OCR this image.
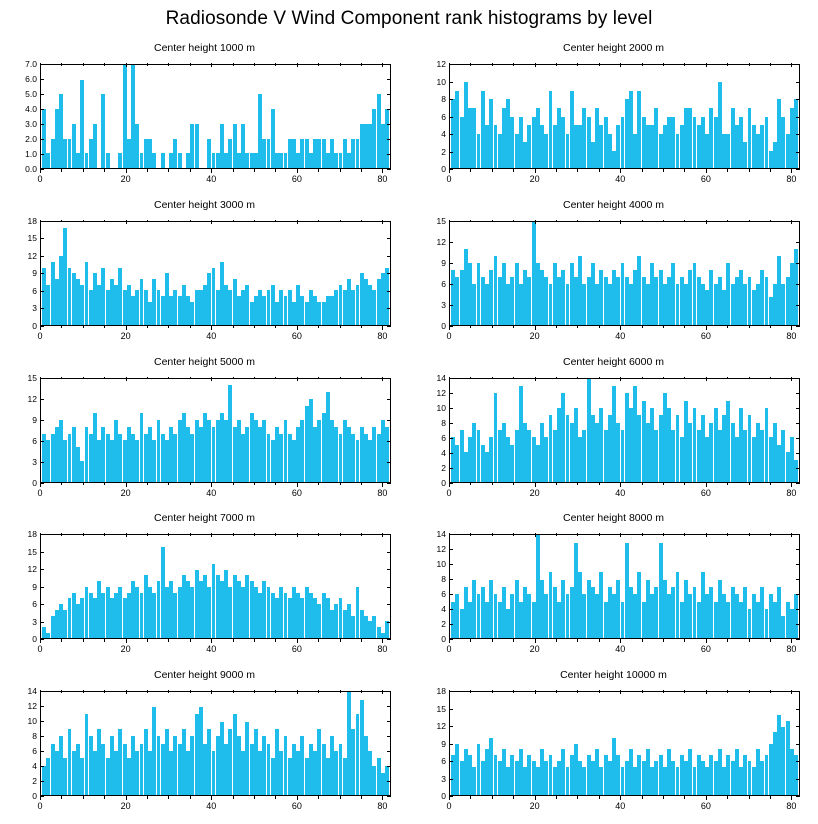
Radiosonde V Wind Component rank histograms by level
Center height 1000 m
0.0
1.0
2.0
3.0
4.0
5.0
6.0
7.0
0	20	40	60	80
Center height 2000 m
0
2
4
6
8
10
12
0	20	40	60	80
Center height 3000 m
0
3
6
9
12
15
18
0	20	40	60	80
Center height 4000 m
0
3
6
9
12
15
0	20	40	60	80
Center height 5000 m
0
3
6
9
12
15
0	20	40	60	80
Center height 6000 m
0
2
4
6
8
10
12
14
0	20	40	60	80
Center height 7000 m
0
3
6
9
12
15
18
0	20	40	60	80
Center height 8000 m
0
2
4
6
8
10
12
14
0	20	40	60	80
Center height 9000 m
0
2
4
6
8
10
12
14
0	20	40	60	80
Center height 10000 m
0
3
6
9
12
15
18
0	20	40	60	80
